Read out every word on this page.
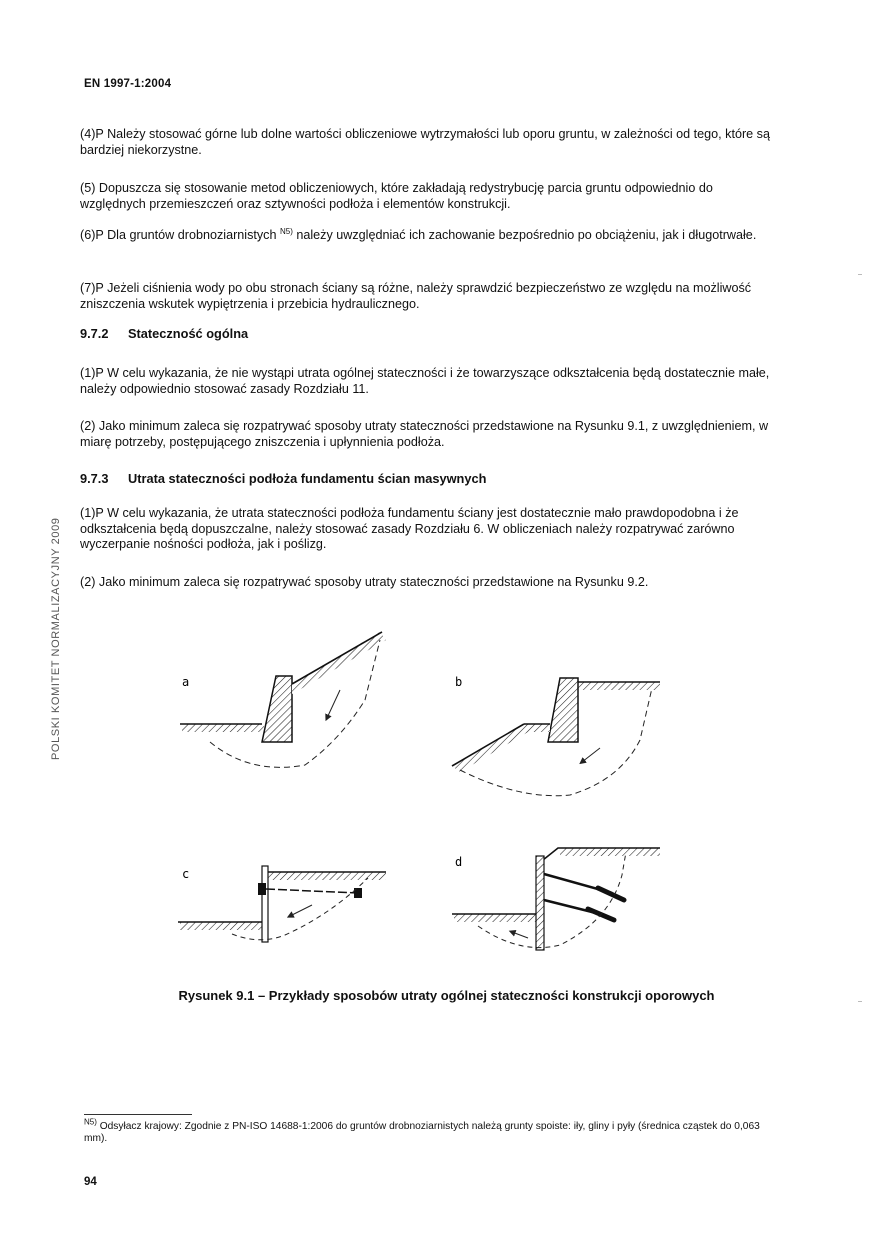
EN 1997-1:2004
POLSKI KOMITET NORMALIZACYJNY 2009
(4)P Należy stosować górne lub dolne wartości obliczeniowe wytrzymałości lub oporu gruntu, w zależności od tego, które są bardziej niekorzystne.
(5) Dopuszcza się stosowanie metod obliczeniowych, które zakładają redystrybucję parcia gruntu odpowiednio do względnych przemieszczeń oraz sztywności podłoża i elementów konstrukcji.
(6)P Dla gruntów drobnoziarnistych $^{N5)}$ należy uwzględniać ich zachowanie bezpośrednio po obciążeniu, jak i długotrwałe.
(7)P Jeżeli ciśnienia wody po obu stronach ściany są różne, należy sprawdzić bezpieczeństwo ze względu na możliwość zniszczenia wskutek wypiętrzenia i przebicia hydraulicznego.
9.7.2 Stateczność ogólna
(1)P W celu wykazania, że nie wystąpi utrata ogólnej stateczności i że towarzyszące odkształcenia będą dostatecznie małe, należy odpowiednio stosować zasady Rozdziału 11.
(2) Jako minimum zaleca się rozpatrywać sposoby utraty stateczności przedstawione na Rysunku 9.1, z uwzględnieniem, w miarę potrzeby, postępującego zniszczenia i upłynnienia podłoża.
9.7.3 Utrata stateczności podłoża fundamentu ścian masywnych
(1)P W celu wykazania, że utrata stateczności podłoża fundamentu ściany jest dostatecznie mało prawdopodobna i że odkształcenia będą dopuszczalne, należy stosować zasady Rozdziału 6. W obliczeniach należy rozpatrywać zarówno wyczerpanie nośności podłoża, jak i poślizg.
(2) Jako minimum zaleca się rozpatrywać sposoby utraty stateczności przedstawione na Rysunku 9.2.
a	b
c
d
Rysunek 9.1 – Przykłady sposobów utraty ogólnej stateczności konstrukcji oporowych
$^{N5)}$ Odsyłacz krajowy: Zgodnie z PN-ISO 14688-1:2006 do gruntów drobnoziarnistych należą grunty spoiste: iły, gliny i pyły (średnica cząstek do 0,063 mm).
94
